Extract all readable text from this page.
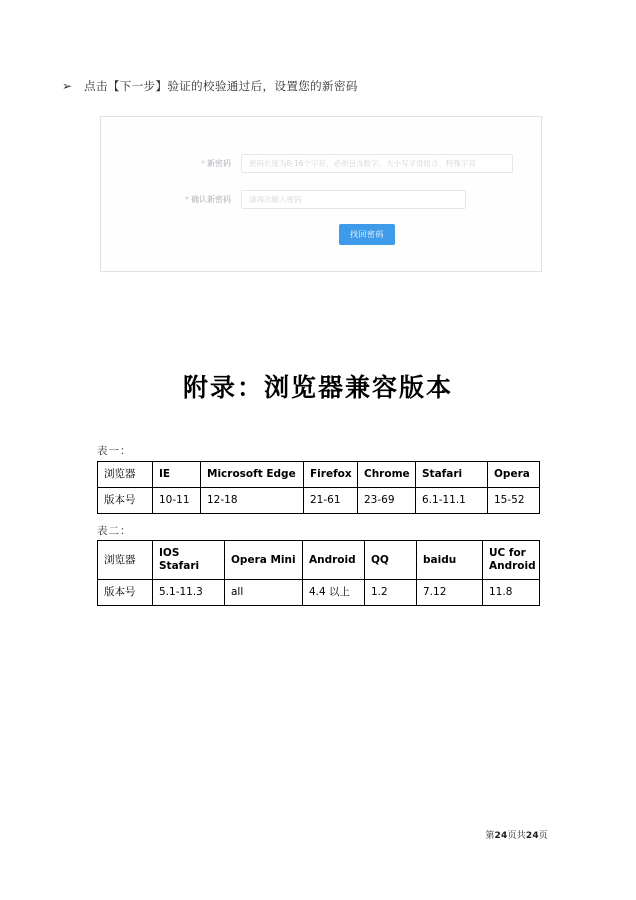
➢ 点击【下一步】验证的校验通过后，设置您的新密码
* 新密码	密码长度为8-16个字符，必须包含数字、大小写字母组合、特殊字符
* 确认新密码	请再次输入密码
找回密码
附录：浏览器兼容版本
表一：
浏览器	IE	Microsoft Edge	Firefox	Chrome	Stafari	Opera
版本号	10-11	12-18	21-61	23-69	6.1-11.1	15-52
表二：
浏览器	IOS Stafari	Opera Mini	Android	QQ	baidu	UC for Android
版本号	5.1-11.3	all	4.4 以上	1.2	7.12	11.8
第24页共24页
